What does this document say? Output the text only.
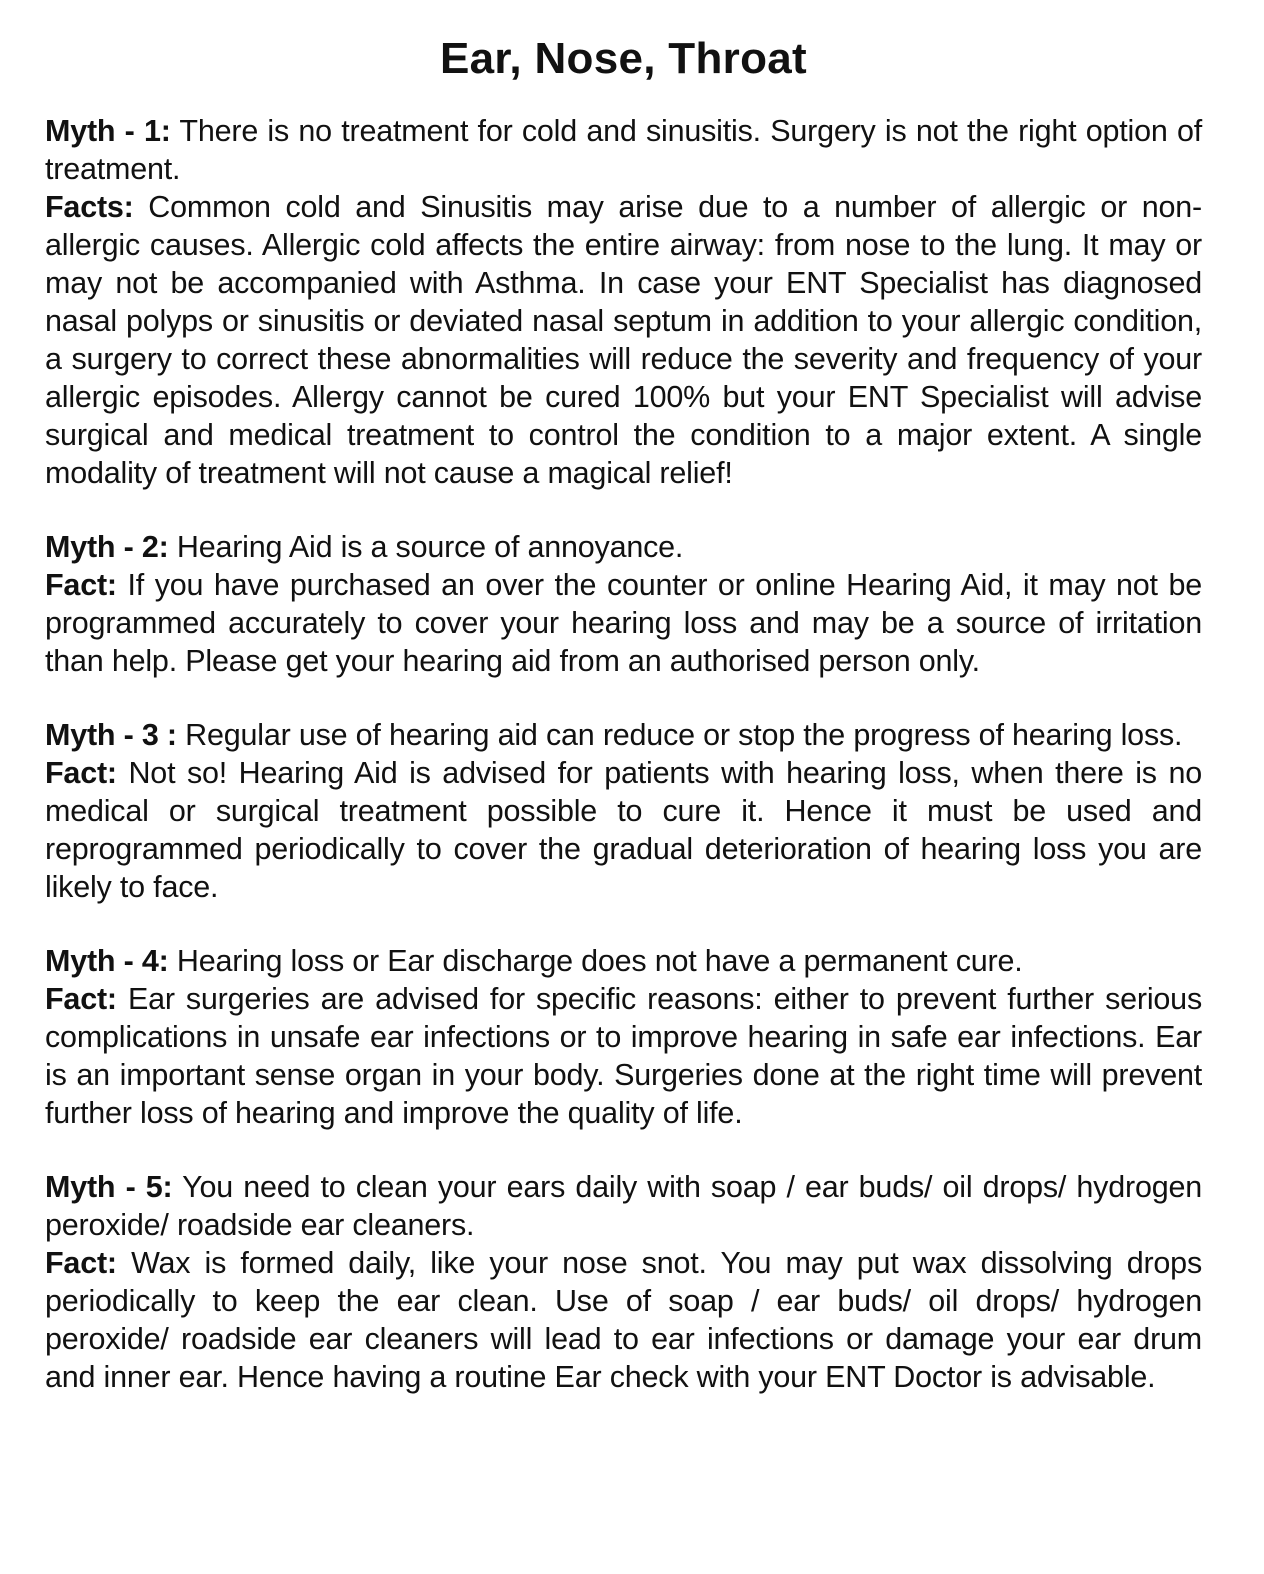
Ear, Nose, Throat

Myth - 1: There is no treatment for cold and sinusitis. Surgery is not the right option of treatment.

Facts: Common cold and Sinusitis may arise due to a number of allergic or non-allergic causes. Allergic cold affects the entire airway: from nose to the lung. It may or may not be accompanied with Asthma. In case your ENT Specialist has diagnosed nasal polyps or sinusitis or deviated nasal septum in addition to your allergic condition, a surgery to correct these abnormalities will reduce the severity and frequency of your allergic episodes. Allergy cannot be cured 100% but your ENT Specialist will advise surgical and medical treatment to control the condition to a major extent. A single modality of treatment will not cause a magical relief!

Myth - 2: Hearing Aid is a source of annoyance.

Fact: If you have purchased an over the counter or online Hearing Aid, it may not be programmed accurately to cover your hearing loss and may be a source of irritation than help. Please get your hearing aid from an authorised person only.

Myth - 3 : Regular use of hearing aid can reduce or stop the progress of hearing loss.

Fact: Not so! Hearing Aid is advised for patients with hearing loss, when there is no medical or surgical treatment possible to cure it. Hence it must be used and reprogrammed periodically to cover the gradual deterioration of hearing loss you are likely to face.

Myth - 4: Hearing loss or Ear discharge does not have a permanent cure.

Fact: Ear surgeries are advised for specific reasons: either to prevent further serious complications in unsafe ear infections or to improve hearing in safe ear infections. Ear is an important sense organ in your body. Surgeries done at the right time will prevent further loss of hearing and improve the quality of life.

Myth - 5: You need to clean your ears daily with soap / ear buds/ oil drops/ hydrogen peroxide/ roadside ear cleaners.

Fact: Wax is formed daily, like your nose snot. You may put wax dissolving drops periodically to keep the ear clean. Use of soap / ear buds/ oil drops/ hydrogen peroxide/ roadside ear cleaners will lead to ear infections or damage your ear drum and inner ear. Hence having a routine Ear check with your ENT Doctor is advisable.
